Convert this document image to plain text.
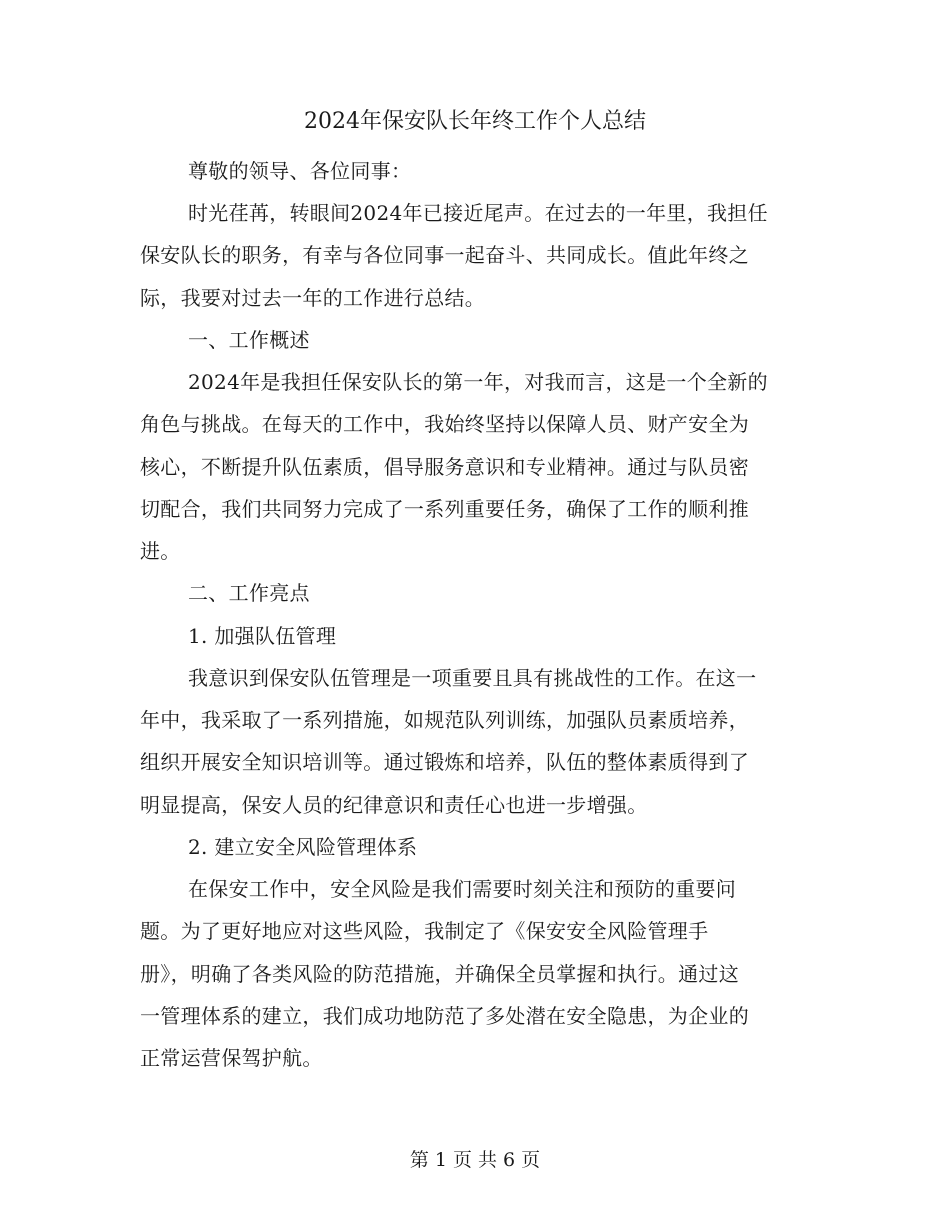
2024年保安队长年终工作个人总结
尊敬的领导、各位同事：
时光荏苒，转眼间2024年已接近尾声。在过去的一年里，我担任
保安队长的职务，有幸与各位同事一起奋斗、共同成长。值此年终之
际，我要对过去一年的工作进行总结。
一、工作概述
2024年是我担任保安队长的第一年，对我而言，这是一个全新的
角色与挑战。在每天的工作中，我始终坚持以保障人员、财产安全为
核心，不断提升队伍素质，倡导服务意识和专业精神。通过与队员密
切配合，我们共同努力完成了一系列重要任务，确保了工作的顺利推
进。
二、工作亮点
1. 加强队伍管理
我意识到保安队伍管理是一项重要且具有挑战性的工作。在这一
年中，我采取了一系列措施，如规范队列训练，加强队员素质培养，
组织开展安全知识培训等。通过锻炼和培养，队伍的整体素质得到了
明显提高，保安人员的纪律意识和责任心也进一步增强。
2. 建立安全风险管理体系
在保安工作中，安全风险是我们需要时刻关注和预防的重要问
题。为了更好地应对这些风险，我制定了《保安安全风险管理手
册》，明确了各类风险的防范措施，并确保全员掌握和执行。通过这
一管理体系的建立，我们成功地防范了多处潜在安全隐患，为企业的
正常运营保驾护航。
第 1 页 共 6 页
